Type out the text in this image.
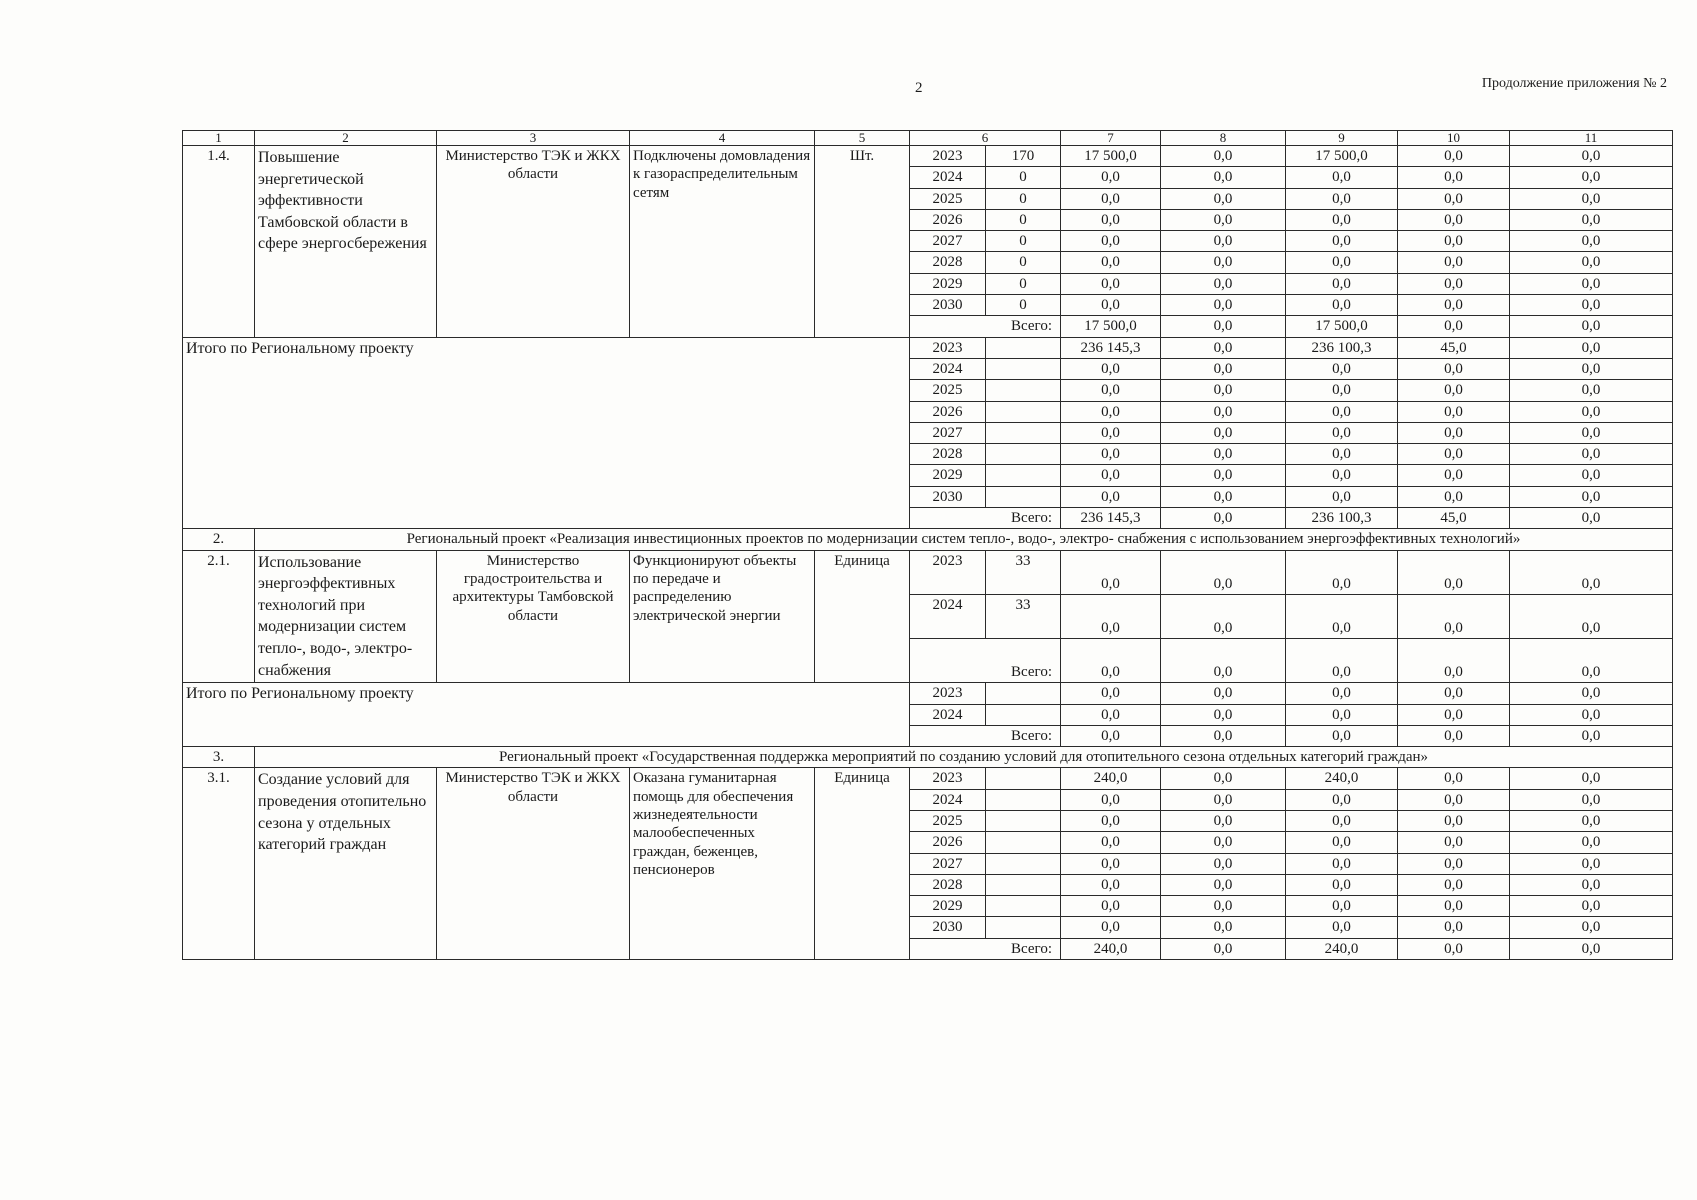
2	Продолжение приложения № 2
1	2	3	4	5	6		7	8	9	10	11
1.4.	Повышение энергетической эффективности Тамбовской области в сфере энергосбережения	Министерство ТЭК и ЖКХ области	Подключены домовладения к газораспределительным сетям	Шт.	2023	170	17 500,0	0,0	17 500,0	0,0	0,0
					2024	0	0,0	0,0	0,0	0,0	0,0
					2025	0	0,0	0,0	0,0	0,0	0,0
					2026	0	0,0	0,0	0,0	0,0	0,0
					2027	0	0,0	0,0	0,0	0,0	0,0
					2028	0	0,0	0,0	0,0	0,0	0,0
					2029	0	0,0	0,0	0,0	0,0	0,0
					2030	0	0,0	0,0	0,0	0,0	0,0
					Всего:		17 500,0	0,0	17 500,0	0,0	0,0
Итого по Региональному проекту					2023		236 145,3	0,0	236 100,3	45,0	0,0
					2024		0,0	0,0	0,0	0,0	0,0
					2025		0,0	0,0	0,0	0,0	0,0
					2026		0,0	0,0	0,0	0,0	0,0
					2027		0,0	0,0	0,0	0,0	0,0
					2028		0,0	0,0	0,0	0,0	0,0
					2029		0,0	0,0	0,0	0,0	0,0
					2030		0,0	0,0	0,0	0,0	0,0
					Всего:		236 145,3	0,0	236 100,3	45,0	0,0
2.	Региональный проект «Реализация инвестиционных проектов по модернизации систем тепло-, водо-, электро- снабжения с использованием энергоэффективных технологий»										
2.1.	Использование энергоэффективных технологий при модернизации систем тепло-, водо-, электро-снабжения	Министерство градостроительства и архитектуры Тамбовской области	Функционируют объекты по передаче и распределению электрической энергии	Единица	2023	33	0,0	0,0	0,0	0,0	0,0
					2024	33	0,0	0,0	0,0	0,0	0,0
					Всего:		0,0	0,0	0,0	0,0	0,0
Итого по Региональному проекту					2023		0,0	0,0	0,0	0,0	0,0
					2024		0,0	0,0	0,0	0,0	0,0
					Всего:		0,0	0,0	0,0	0,0	0,0
3.	Региональный проект «Государственная поддержка мероприятий по созданию условий для отопительного сезона отдельных категорий граждан»										
3.1.	Создание условий для проведения отопительно сезона у отдельных категорий граждан	Министерство ТЭК и ЖКХ области	Оказана гуманитарная помощь для обеспечения жизнедеятельности малообеспеченных граждан, беженцев, пенсионеров	Единица	2023		240,0	0,0	240,0	0,0	0,0
					2024		0,0	0,0	0,0	0,0	0,0
					2025		0,0	0,0	0,0	0,0	0,0
					2026		0,0	0,0	0,0	0,0	0,0
					2027		0,0	0,0	0,0	0,0	0,0
					2028		0,0	0,0	0,0	0,0	0,0
					2029		0,0	0,0	0,0	0,0	0,0
					2030		0,0	0,0	0,0	0,0	0,0
					Всего:		240,0	0,0	240,0	0,0	0,0
